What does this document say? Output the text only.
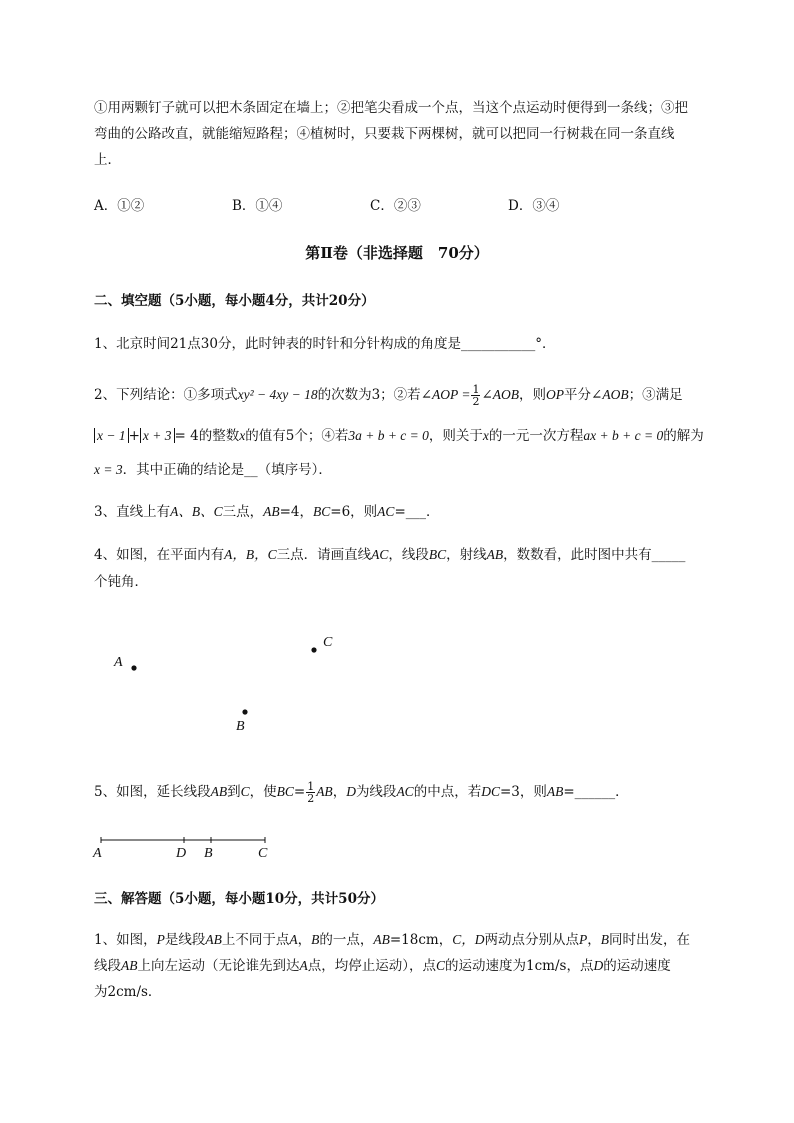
①用两颗钉子就可以把木条固定在墙上；②把笔尖看成一个点，当这个点运动时便得到一条线；③把
弯曲的公路改直，就能缩短路程；④植树时，只要栽下两棵树，就可以把同一行树栽在同一条直线
上．
A．①②	B．①④	C．②③	D．③④
第Ⅱ卷（非选择题　70分）
二、填空题（5小题，每小题4分，共计20分）
1、北京时间21点30分，此时钟表的时针和分针构成的角度是___________°．
2、下列结论：①多项式xy² − 4xy − 18的次数为3；②若∠AOP = $\frac{1}{2}$ ∠AOB，则OP平分∠AOB；③满足
x − 1 + x + 3 = 4的整数x的值有5个；④若3a + b + c = 0，则关于x的一元一次方程ax + b + c = 0的解为
x = 3．其中正确的结论是__（填序号）．
3、直线上有A、B、C三点，AB=4，BC=6，则AC=___．
4、如图，在平面内有A，B，C三点．请画直线AC，线段BC，射线AB，数数看，此时图中共有_____
个钝角．
A
C
B
5、如图，延长线段AB到C，使$BC= \frac{1}{2}$ AB，D为线段AC的中点，若DC=3，则AB=______．
A	D B	C
三、解答题（5小题，每小题10分，共计50分）
1、如图，P是线段AB上不同于点A，B的一点，AB=18cm，C，D两动点分别从点P，B同时出发，在
线段AB上向左运动（无论谁先到达A点，均停止运动），点C的运动速度为1cm/s，点D的运动速度
为2cm/s．
